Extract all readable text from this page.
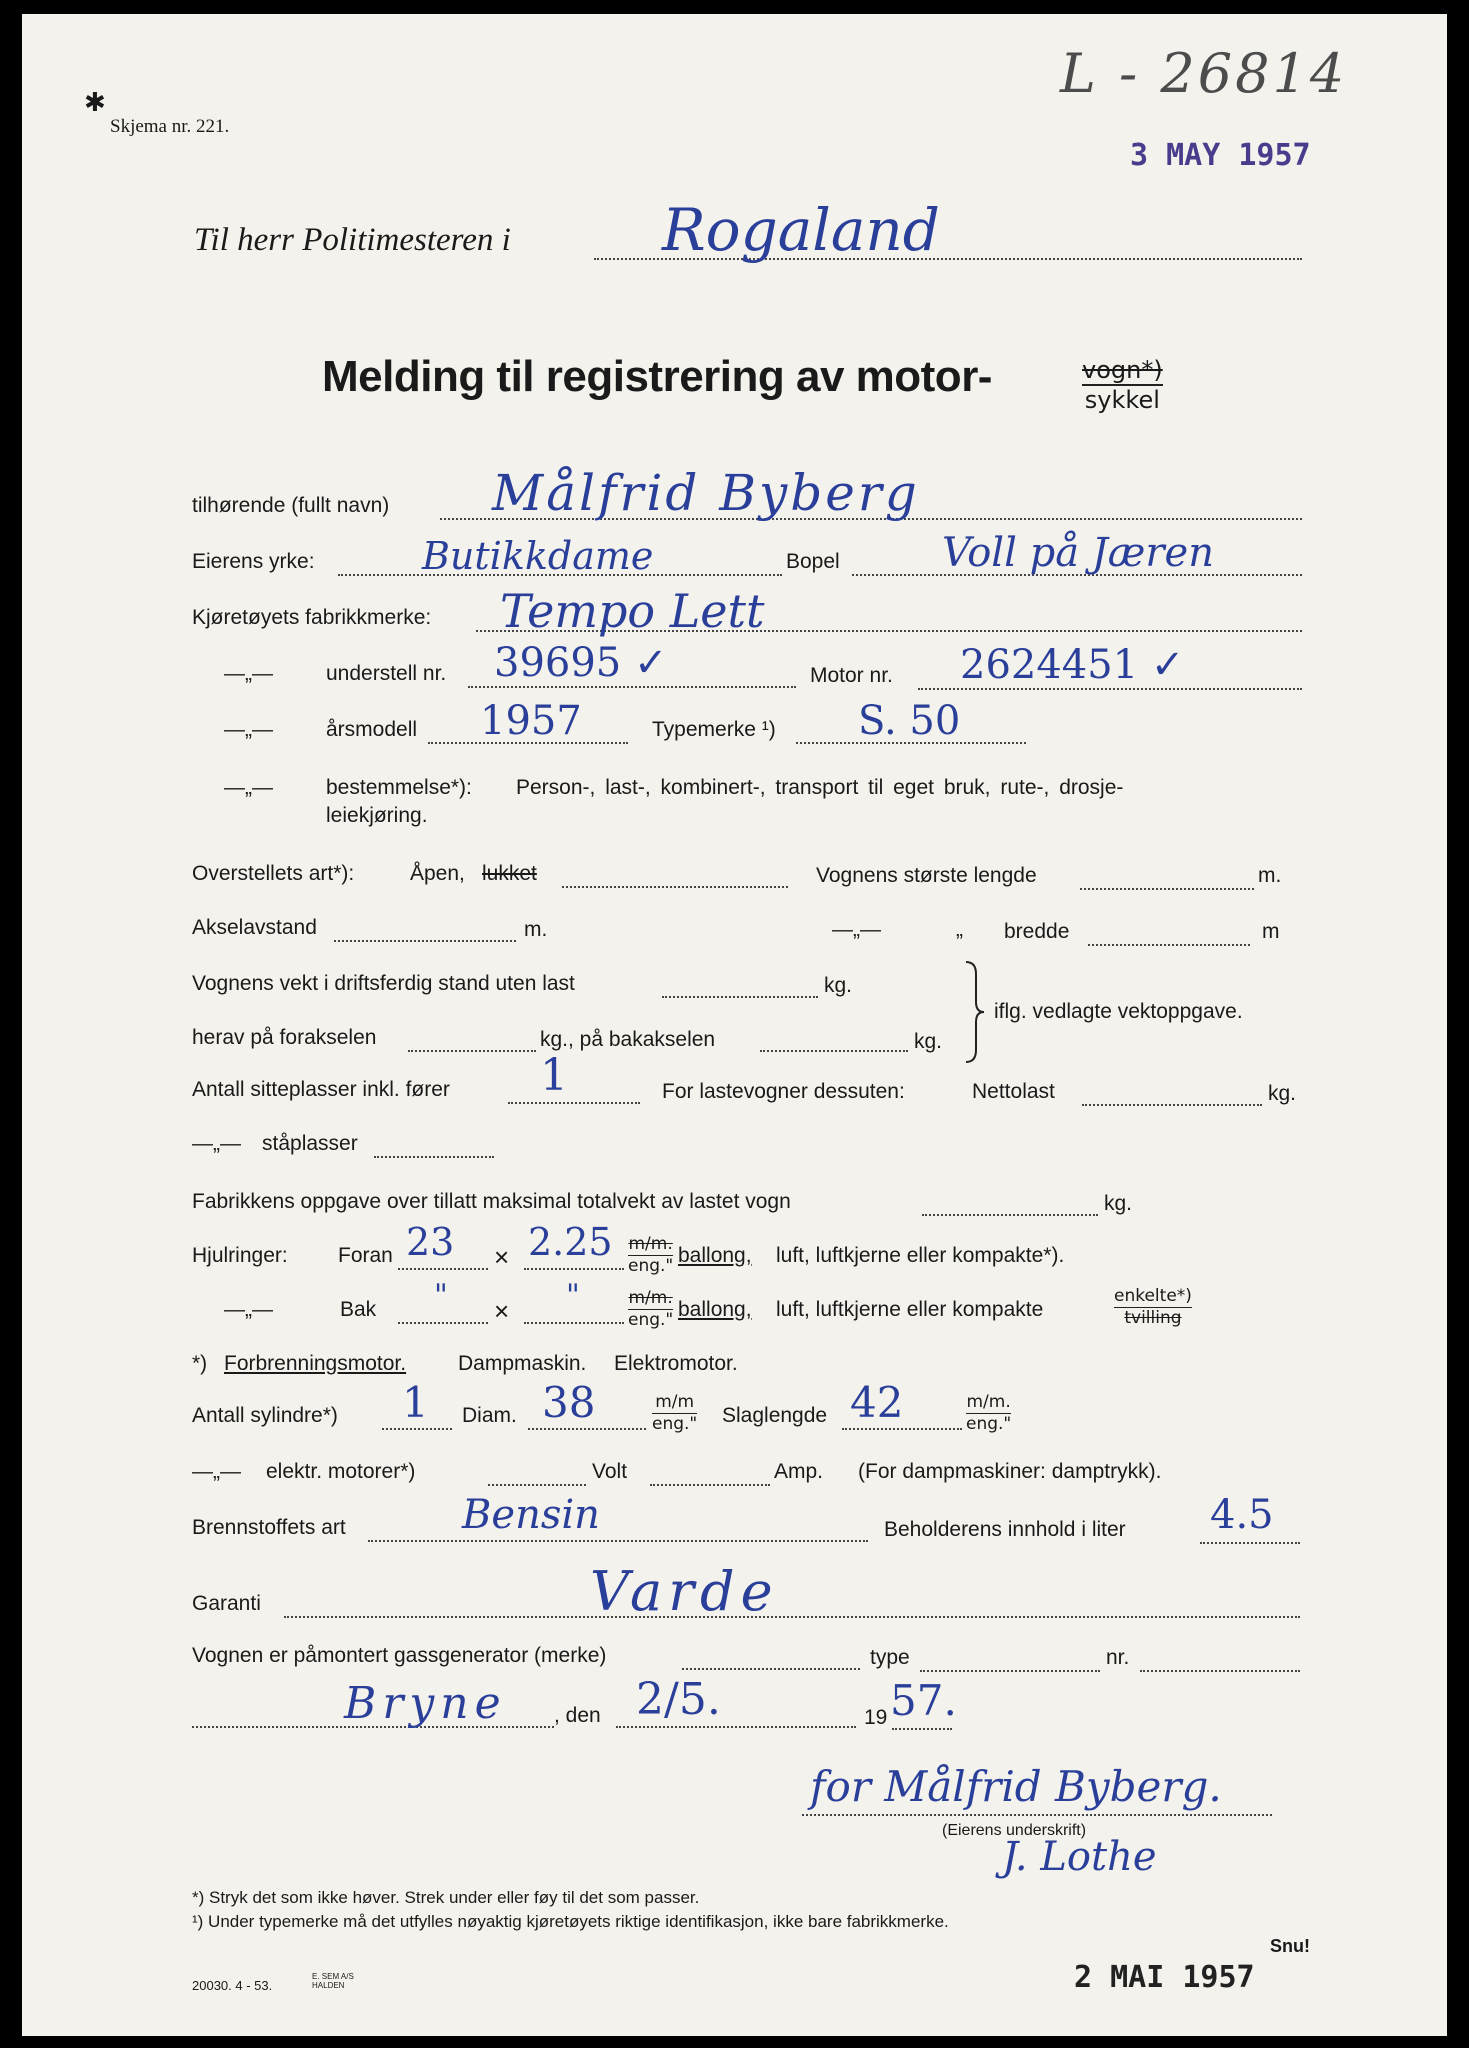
✱
Skjema nr. 221.
L - 26814
3 MAY 1957
Til herr Politimesteren i	Rogaland
Melding til registrering av motor-	vogn*)
sykkel
tilhørende (fullt navn) Målfrid Byberg
Eierens yrke:	Butikkdame	Bopel	Voll på Jæren
Kjøretøyets fabrikkmerke: Tempo Lett
—„—	understell nr. 39695 ✓	Motor nr. 2624451 ✓
—„—	årsmodell 1957	Typemerke ¹) S. 50
—„—	bestemmelse*): Person-, last-, kombinert-, transport til eget bruk, rute-, drosje-
leiekjøring.
Overstellets art*):	Åpen, lukket	Vognens største lengde	m.
Akselavstand	m.	—„—	„ bredde	m
Vognens vekt i driftsferdig stand uten last	kg.
herav på forakselen	kg., på bakakselen	kg.
iflg. vedlagte vektoppgave.
Antall sitteplasser inkl. fører 1	For lastevogner dessuten:	Nettolast	kg.
—„— ståplasser
Fabrikkens oppgave over tillatt maksimal totalvekt av lastet vogn	kg.
Hjulringer: Foran 23 × 2.25 m/m.
eng." ballong, luft, luftkjerne eller kompakte*).
—„—	Bak " × "	m/m.
eng." ballong, luft, luftkjerne eller kompakte
enkelte*)
tvilling
*) Forbrenningsmotor. Dampmaskin. Elektromotor.
Antall sylindre*) 1 Diam. 38	m/m
eng." Slaglengde 42	m/m.
eng."
—„— elektr. motorer*)	Volt	Amp. (For dampmaskiner: damptrykk).
Brennstoffets art	Bensin	Beholderens innhold i liter 4.5
Garanti	Varde
Vognen er påmontert gassgenerator (merke)	type	nr.
Bryne , den 2/5.	19 57.
for Målfrid Byberg.
(Eierens underskrift)
J. Lothe
*) Stryk det som ikke høver. Strek under eller føy til det som passer.
¹) Under typemerke må det utfylles nøyaktig kjøretøyets riktige identifikasjon, ikke bare fabrikkmerke.
20030. 4 - 53.
E. SEM A/S HALDEN	2 MAI 1957
Snu!
